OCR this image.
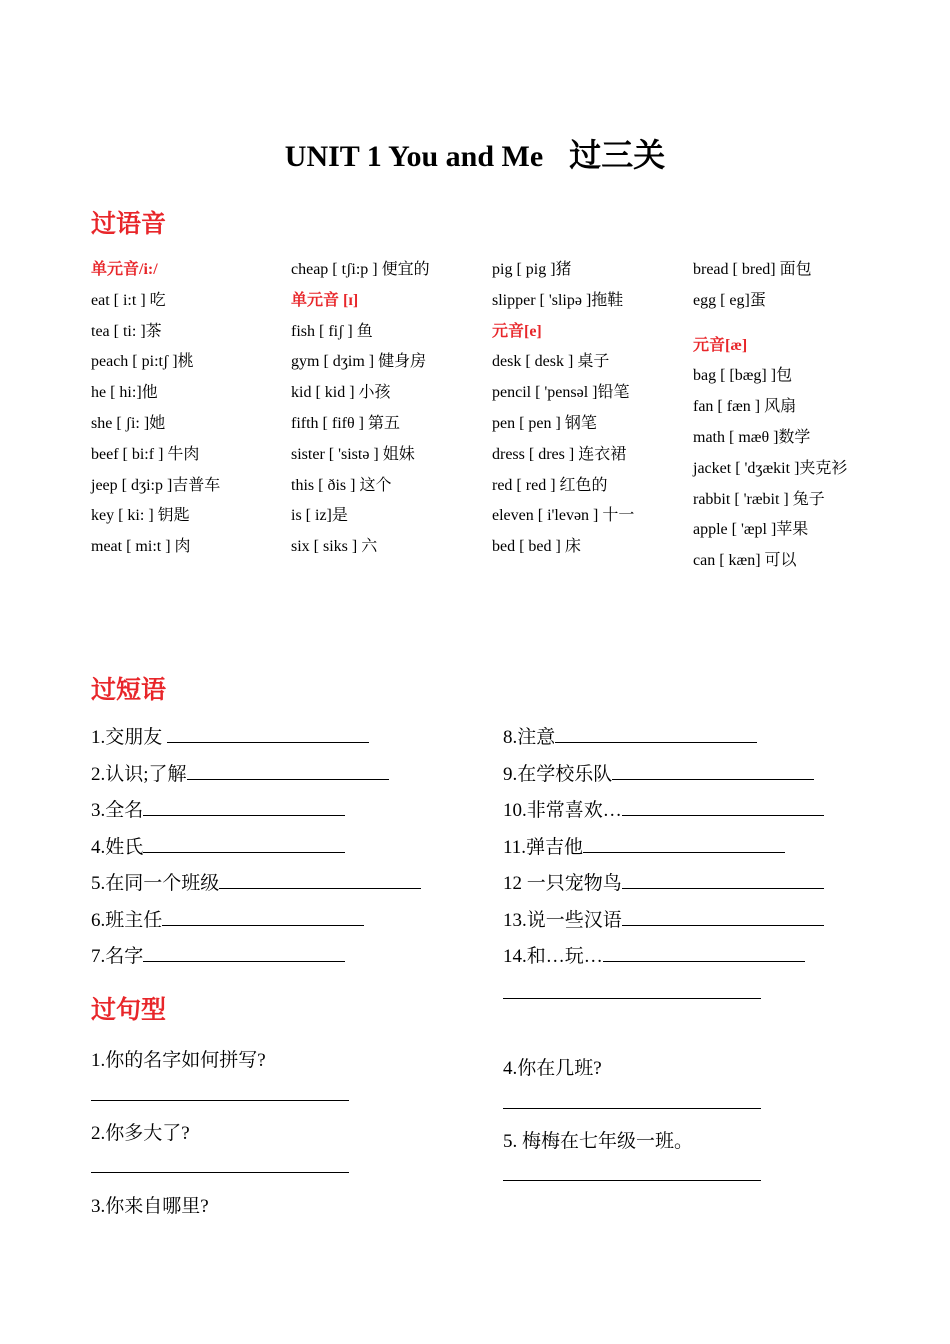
UNIT 1 You and Me 过三关
过语音
单元音/i:/
eat [ i:t ] 吃
tea [ ti: ]茶
peach [ pi:tʃ ]桃
he [ hi:]他
she [ ʃi: ]她
beef [ bi:f ] 牛肉
jeep [ dʒi:p ]吉普车
key [ ki: ] 钥匙
meat [ mi:t ] 肉
cheap [ tʃi:p ] 便宜的
单元音 [ɪ]
fish [ fiʃ ] 鱼
gym [ dʒim ] 健身房
kid [ kid ] 小孩
fifth [ fifθ ] 第五
sister [ 'sistə ] 姐妹
this [ ðis ] 这个
is [ iz]是
six [ siks ] 六
pig [ pig ]猪
slipper [ 'slipə ]拖鞋
元音[e]
desk [ desk ] 桌子
pencil [ 'pensəl ]铅笔
pen [ pen ] 钢笔
dress [ dres ] 连衣裙
red [ red ] 红色的
eleven [ i'levən ] 十一
bed [ bed ] 床
bread [ bred] 面包
egg [ eg]蛋
元音[æ]
bag [ [bæg] ]包
fan [ fæn ] 风扇
math [ mæθ ]数学
jacket [ 'dʒækit ]夹克衫
rabbit [ 'ræbit ] 兔子
apple [ 'æpl ]苹果
can [ kæn] 可以
过短语
1.交朋友
2.认识;了解
3.全名
4.姓氏
5.在同一个班级
6.班主任
7.名字
8.注意
9.在学校乐队
10.非常喜欢…
11.弹吉他
12 一只宠物鸟
13.说一些汉语
14.和…玩…
过句型
1.你的名字如何拼写?
2.你多大了?
3.你来自哪里?
4.你在几班?
5. 梅梅在七年级一班。
